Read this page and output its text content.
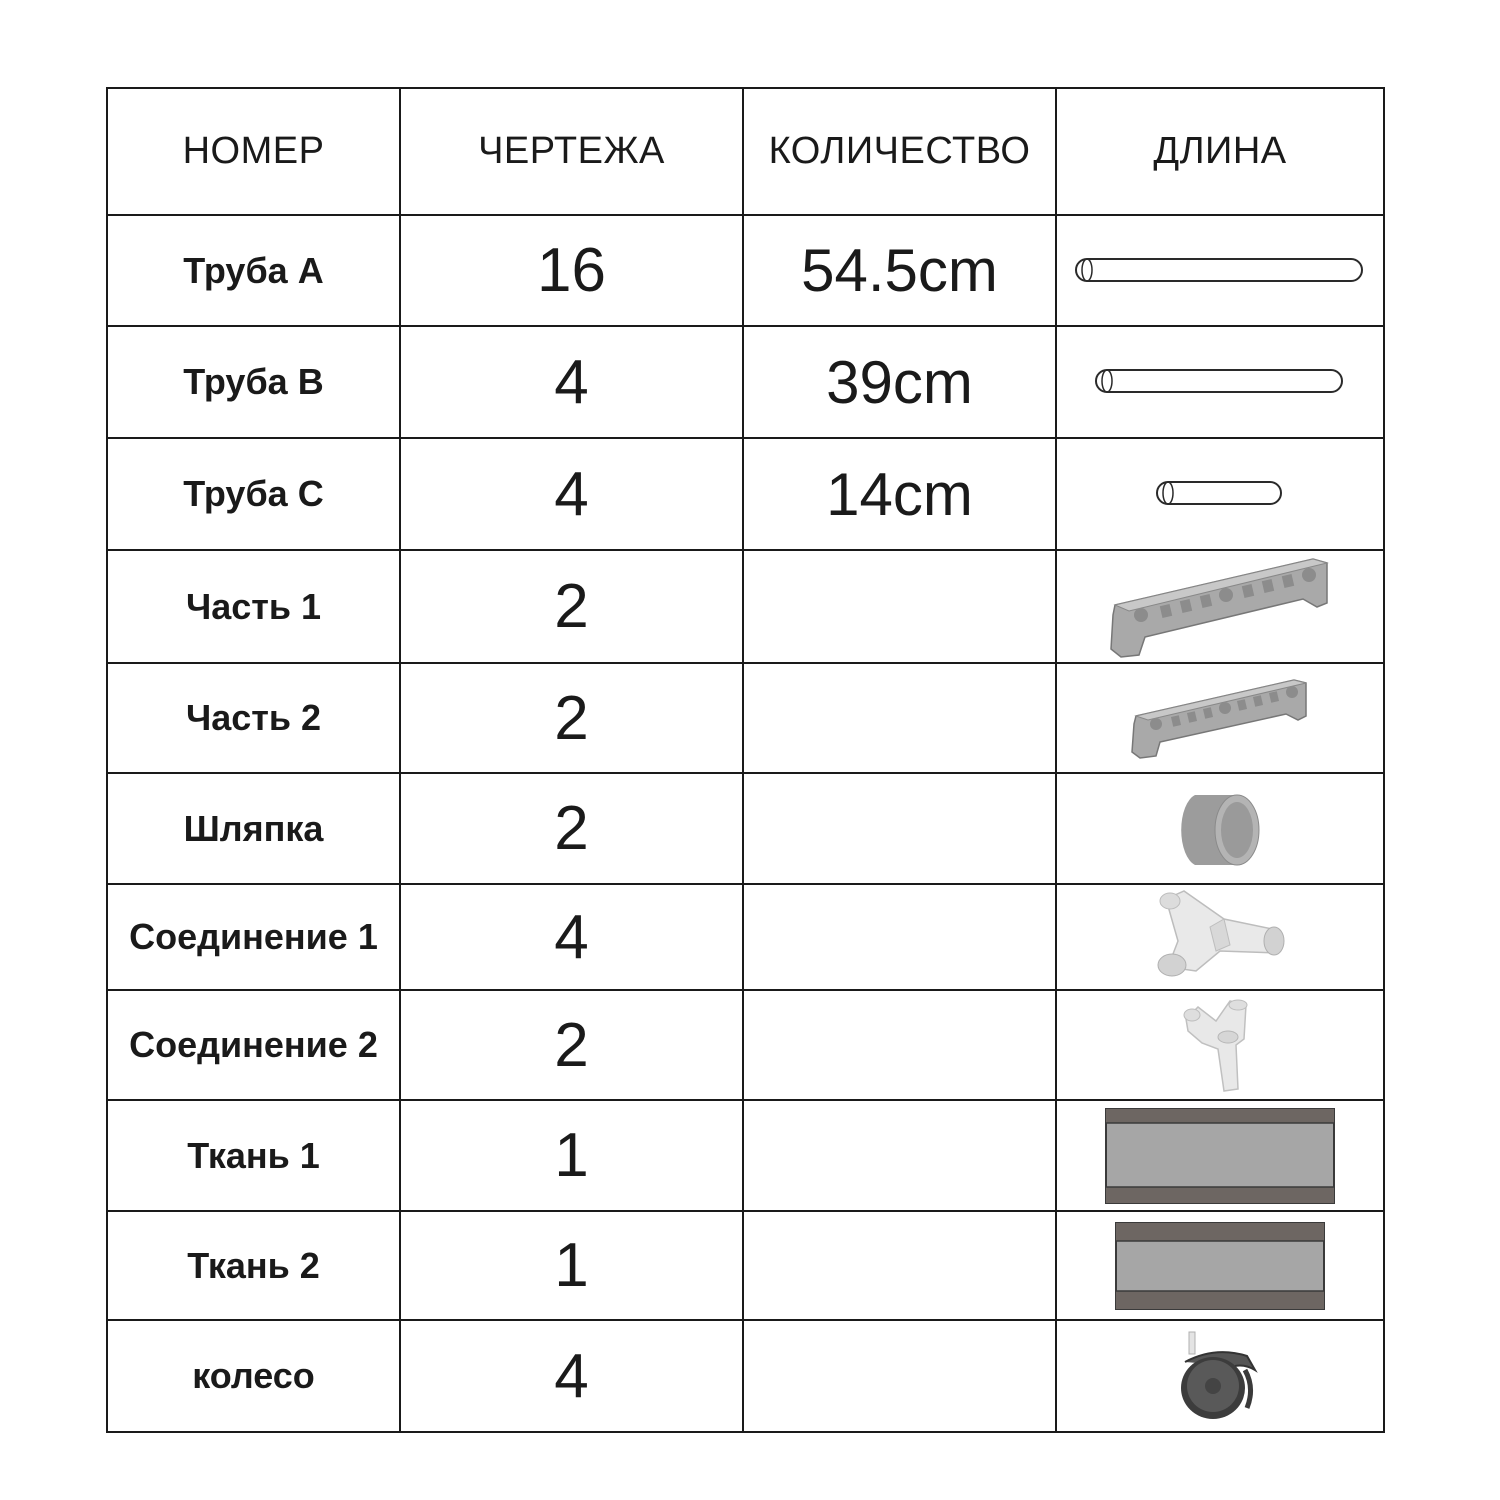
НОМЕР	ЧЕРТЕЖА	КОЛИЧЕСТВО	ДЛИНА
Труба A	16	54.5cm	

Труба B	4	39cm	

Труба C	4	14cm	

Часть 1	2		

Часть 2	2		

Шляпка	2		

Соединение 1	4		

Соединение 2	2		

Ткань 1	1		

Ткань 2	1		

колесо	4		
